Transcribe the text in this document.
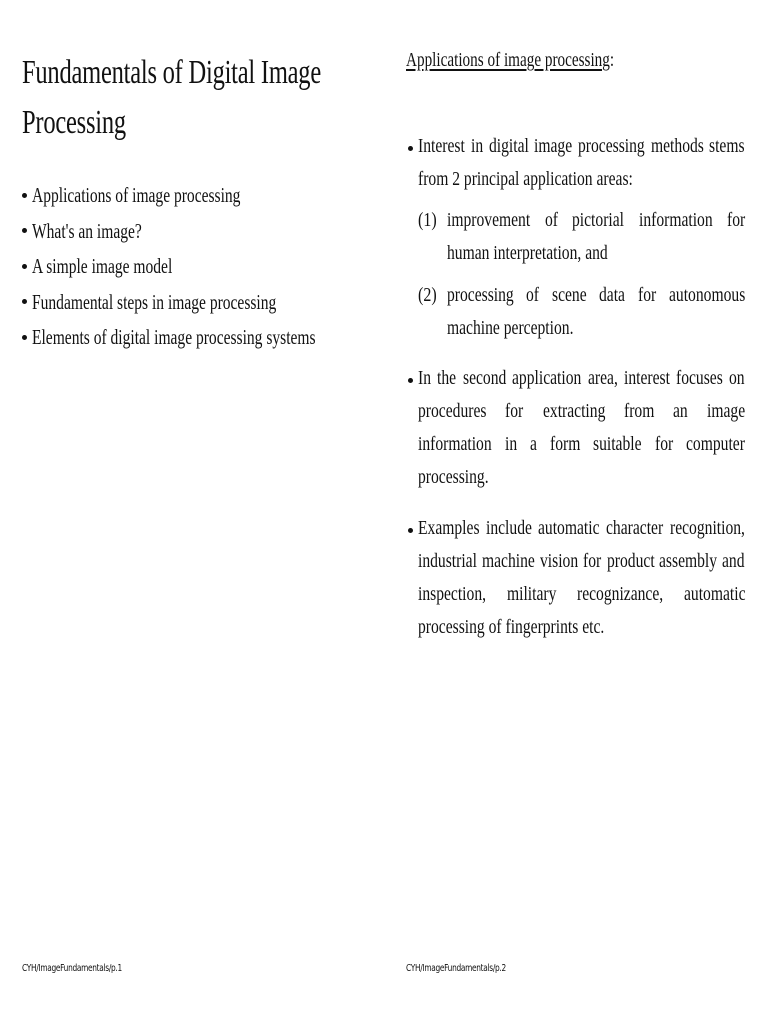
Fundamentals of Digital Image
Processing
Applications of image processing
What's an image?
A simple image model
Fundamental steps in image processing
Elements of digital image processing systems
CYH/ImageFundamentals/p.1
Applications of image processing:
Interest in digital image processing methods stems
from 2 principal application areas:
(1) improvement of pictorial information for
human interpretation, and
(2) processing of scene data for autonomous
machine perception.
In the second application area, interest focuses on
procedures for extracting from an image
information in a form suitable for computer
processing.
Examples include automatic character recognition,
industrial machine vision for product assembly and
inspection, military recognizance, automatic
processing of fingerprints etc.
CYH/ImageFundamentals/p.2
